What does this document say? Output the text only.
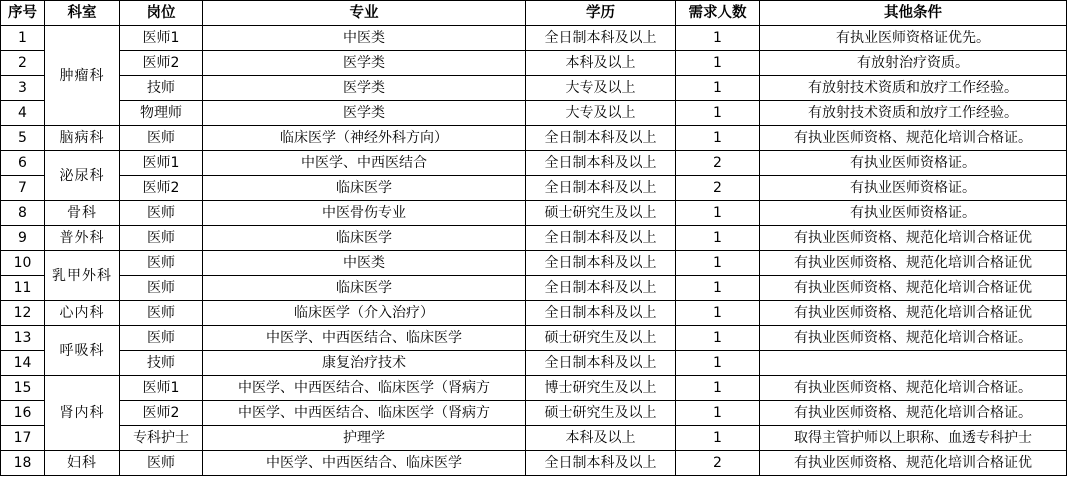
序号	科室	岗位	专业	学历	需求人数	其他条件
1	肿瘤科	医师1	中医类	全日制本科及以上	1	有执业医师资格证优先。
2		医师2	医学类	本科及以上	1	有放射治疗资质。
3		技师	医学类	大专及以上	1	有放射技术资质和放疗工作经验。
4		物理师	医学类	大专及以上	1	有放射技术资质和放疗工作经验。
5	脑病科	医师	临床医学（神经外科方向）	全日制本科及以上	1	有执业医师资格、规范化培训合格证。
6	泌尿科	医师1	中医学、中西医结合	全日制本科及以上	2	有执业医师资格证。
7		医师2	临床医学	全日制本科及以上	2	有执业医师资格证。
8	骨科	医师	中医骨伤专业	硕士研究生及以上	1	有执业医师资格证。
9	普外科	医师	临床医学	全日制本科及以上	1	有执业医师资格、规范化培训合格证优
10	乳甲外科	医师	中医类	全日制本科及以上	1	有执业医师资格、规范化培训合格证优
11		医师	临床医学	全日制本科及以上	1	有执业医师资格、规范化培训合格证优
12	心内科	医师	临床医学（介入治疗）	全日制本科及以上	1	有执业医师资格、规范化培训合格证优
13	呼吸科	医师	中医学、中西医结合、临床医学	硕士研究生及以上	1	有执业医师资格、规范化培训合格证。
14		技师	康复治疗技术	全日制本科及以上	1	
15	肾内科	医师1	中医学、中西医结合、临床医学（肾病方	博士研究生及以上	1	有执业医师资格、规范化培训合格证。
16		医师2	中医学、中西医结合、临床医学（肾病方	硕士研究生及以上	1	有执业医师资格、规范化培训合格证。
17		专科护士	护理学	本科及以上	1	取得主管护师以上职称、血透专科护士
18	妇科	医师	中医学、中西医结合、临床医学	全日制本科及以上	2	有执业医师资格、规范化培训合格证优
